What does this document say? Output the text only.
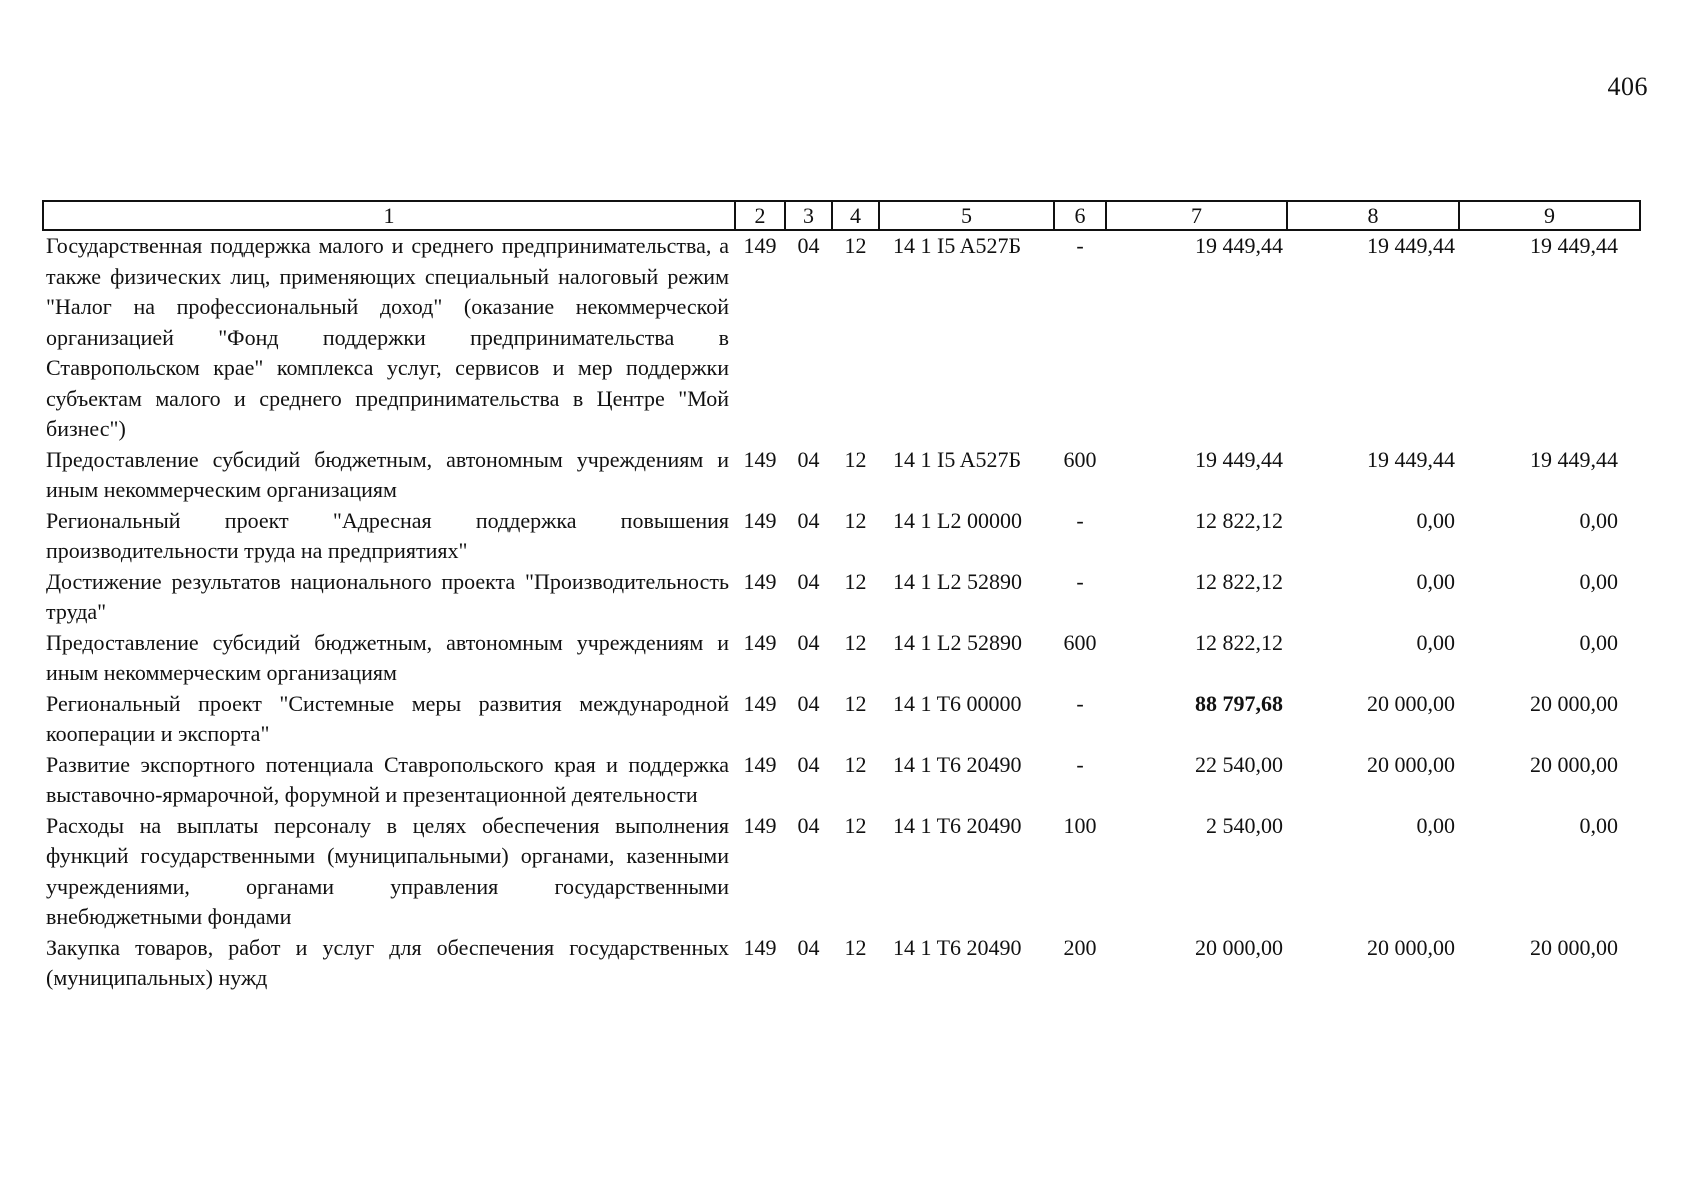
406
1	2	3	4	5	6	7	8	9
Государственная поддержка малого и среднего предпринимательства, а также физических лиц, применяющих специальный налоговый режим "Налог на профессиональный доход" (оказание некоммерческой организацией "Фонд поддержки предпринимательства в Ставропольском крае" комплекса услуг, сервисов и мер поддержки субъектам малого и среднего предпринимательства в Центре "Мой бизнес")	149	04	12	14 1 I5 A527Б	-	19 449,44	19 449,44	19 449,44
Предоставление субсидий бюджетным, автономным учреждениям и иным некоммерческим организациям	149	04	12	14 1 I5 A527Б	600	19 449,44	19 449,44	19 449,44
Региональный проект "Адресная поддержка повышения производительности труда на предприятиях"	149	04	12	14 1 L2 00000	-	12 822,12	0,00	0,00
Достижение результатов национального проекта "Производительность труда"	149	04	12	14 1 L2 52890	-	12 822,12	0,00	0,00
Предоставление субсидий бюджетным, автономным учреждениям и иным некоммерческим организациям	149	04	12	14 1 L2 52890	600	12 822,12	0,00	0,00
Региональный проект "Системные меры развития международной кооперации и экспорта"	149	04	12	14 1 T6 00000	-	88 797,68	20 000,00	20 000,00
Развитие экспортного потенциала Ставропольского края и поддержка выставочно-ярмарочной, форумной и презентационной деятельности	149	04	12	14 1 T6 20490	-	22 540,00	20 000,00	20 000,00
Расходы на выплаты персоналу в целях обеспечения выполнения функций государственными (муниципальными) органами, казенными учреждениями, органами управления государственными внебюджетными фондами	149	04	12	14 1 T6 20490	100	2 540,00	0,00	0,00
Закупка товаров, работ и услуг для обеспечения государственных (муниципальных) нужд	149	04	12	14 1 T6 20490	200	20 000,00	20 000,00	20 000,00
